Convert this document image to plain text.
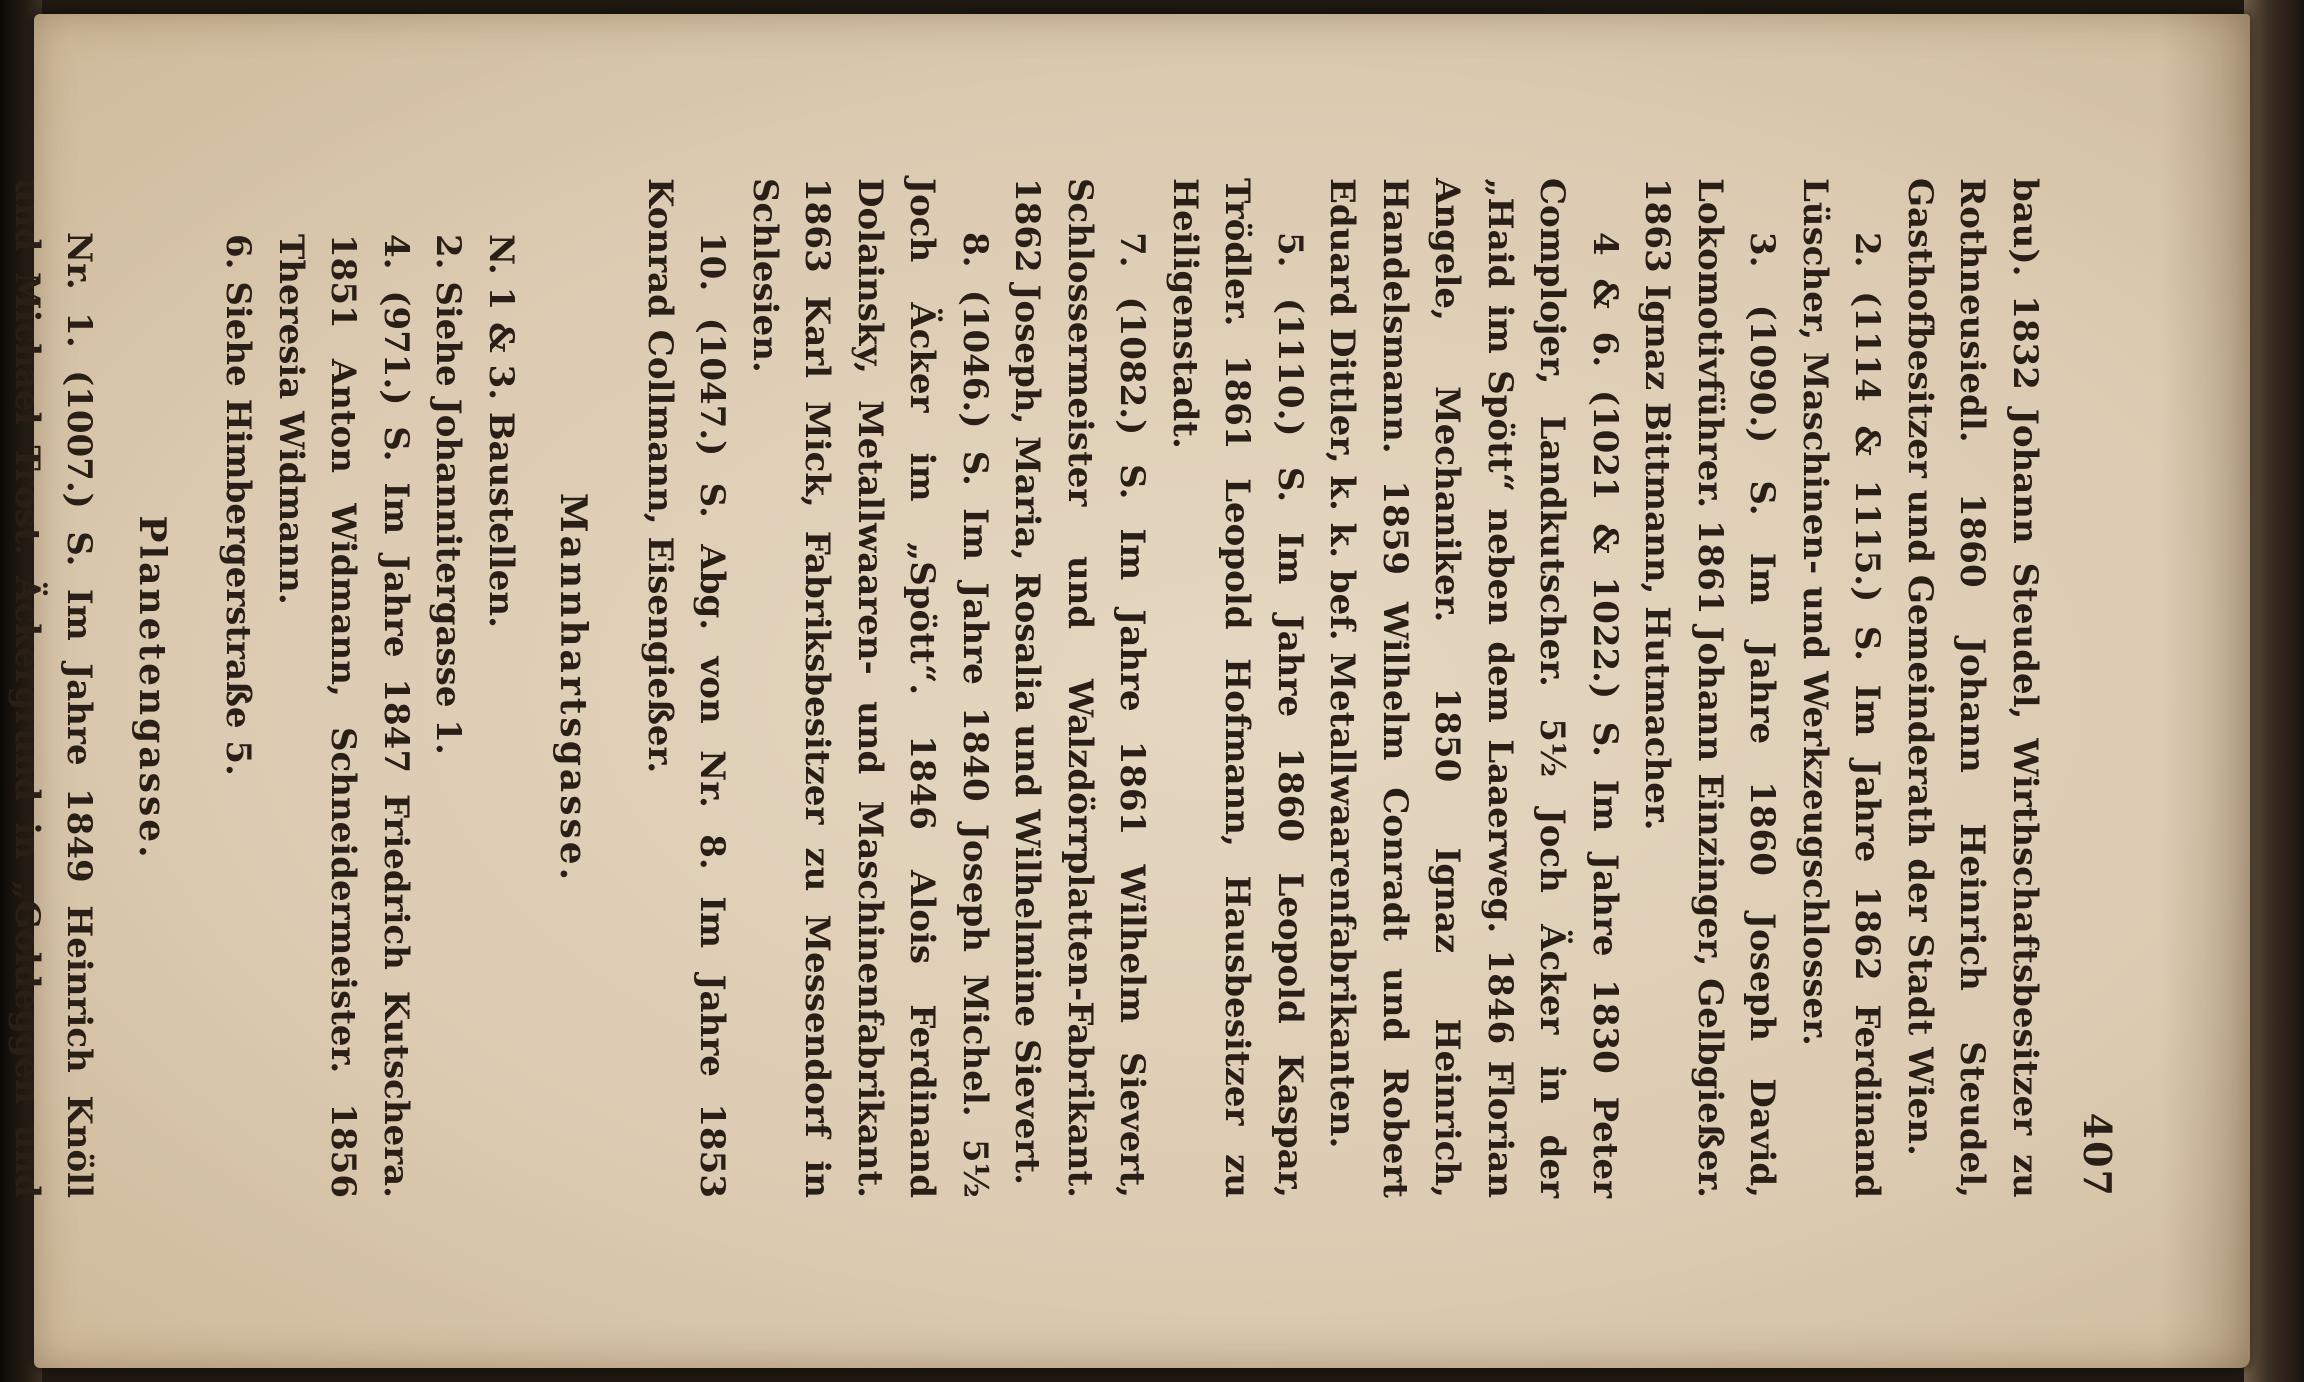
407

bau). 1832 Johann Steudel, Wirthschaftsbesitzer zu Rothneusiedl. 1860 Johann Heinrich Steudel, Gasthofbesitzer und Gemeinderath der Stadt Wien.

2. (1114 & 1115.) S. Im Jahre 1862 Ferdinand Lüscher, Maschinen- und Werkzeugschlosser.

3. (1090.) S. Im Jahre 1860 Joseph David, Lokomotivführer. 1861 Johann Einzinger, Gelbgießer. 1863 Ignaz Bittmann, Hutmacher.

4 & 6. (1021 & 1022.) S. Im Jahre 1830 Peter Complojer, Landkutscher. 5½ Joch Äcker in der „Haid im Spött“ neben dem Laaerweg. 1846 Florian Angele, Mechaniker. 1850 Ignaz Heinrich, Handelsmann. 1859 Wilhelm Conradt und Robert Eduard Dittler, k. k. bef. Metallwaarenfabrikanten.

5. (1110.) S. Im Jahre 1860 Leopold Kaspar, Trödler. 1861 Leopold Hofmann, Hausbesitzer zu Heiligenstadt.

7. (1082.) S. Im Jahre 1861 Wilhelm Sievert, Schlossermeister und Walzdörrplatten-Fabrikant. 1862 Joseph, Maria, Rosalia und Wilhelmine Sievert.

8. (1046.) S. Im Jahre 1840 Joseph Michel. 5½ Joch Äcker im „Spött“. 1846 Alois Ferdinand Dolainsky, Metallwaaren- und Maschinenfabrikant. 1863 Karl Mick, Fabriksbesitzer zu Messendorf in Schlesien.

10. (1047.) S. Abg. von Nr. 8. Im Jahre 1853 Konrad Collmann, Eisengießer.

Mannhartsgasse.

N. 1 & 3. Baustellen.

2. Siehe Johannitergasse 1.

4. (971.) S. Im Jahre 1847 Friedrich Kutschera. 1851 Anton Widmann, Schneidermeister. 1856 Theresia Widmann.

6. Siehe Himbergerstraße 5.

Planetengasse.

Nr. 1. (1007.) S. Im Jahre 1849 Heinrich Knöll und Michael Trost. Äckergrund in „Goldeggen und
